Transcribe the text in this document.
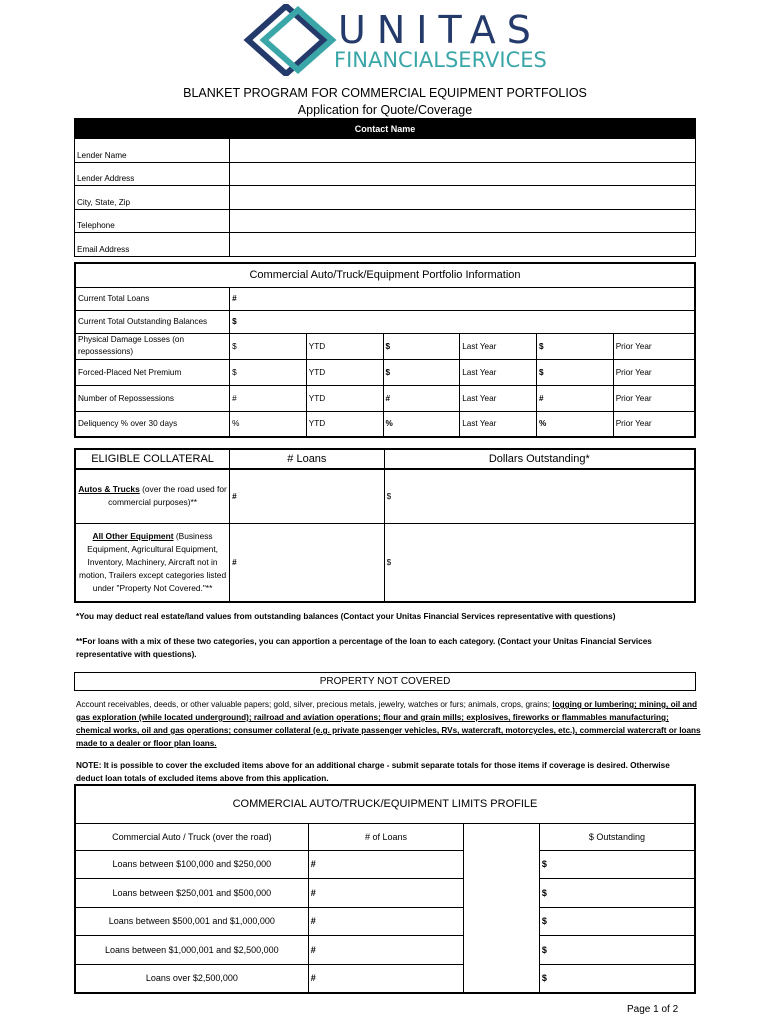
UNITAS
FINANCIALSERVICES
BLANKET PROGRAM FOR COMMERCIAL EQUIPMENT PORTFOLIOS
Application for Quote/Coverage
Contact Name	
Lender Name	
Lender Address	
City, State, Zip	
Telephone	
Email Address	
Commercial Auto/Truck/Equipment Portfolio Information						
Current Total Loans	#					
Current Total Outstanding Balances	$					
Physical Damage Losses (on repossessions)	$	YTD	$	Last Year	$	Prior Year
Forced-Placed Net Premium	$	YTD	$	Last Year	$	Prior Year
Number of Repossessions	#	YTD	#	Last Year	#	Prior Year
Deliquency % over 30 days	%	YTD	%	Last Year	%	Prior Year
ELIGIBLE COLLATERAL	# Loans	Dollars Outstanding*
Autos & Trucks (over the road used for commercial purposes)**	#	$
All Other Equipment (Business Equipment, Agricultural Equipment, Inventory, Machinery, Aircraft not in motion, Trailers except categories listed under "Property Not Covered."**	#	$
*You may deduct real estate/land values from outstanding balances (Contact your Unitas Financial Services representative with questions)
**For loans with a mix of these two categories, you can apportion a percentage of the loan to each category. (Contact your Unitas Financial Services representative with questions).
PROPERTY NOT COVERED
Account receivables, deeds, or other valuable papers; gold, silver, precious metals, jewelry, watches or furs; animals, crops, grains; logging or lumbering; mining, oil and gas exploration (while located underground); railroad and aviation operations; flour and grain mills; explosives, fireworks or flammables manufacturing; chemical works, oil and gas operations; consumer collateral (e.g. private passenger vehicles, RVs, watercraft, motorcycles, etc.), commercial watercraft or loans made to a dealer or floor plan loans.
NOTE: It is possible to cover the excluded items above for an additional charge - submit separate totals for those items if coverage is desired. Otherwise deduct loan totals of excluded items above from this application.
COMMERCIAL AUTO/TRUCK/EQUIPMENT LIMITS PROFILE			
Commercial Auto / Truck (over the road)	# of Loans		$ Outstanding
Loans between $100,000 and $250,000	#		$
Loans between $250,001 and $500,000	#		$
Loans between $500,001 and $1,000,000	#		$
Loans between $1,000,001 and $2,500,000	#		$
Loans over $2,500,000	#		$
Page 1 of 2
